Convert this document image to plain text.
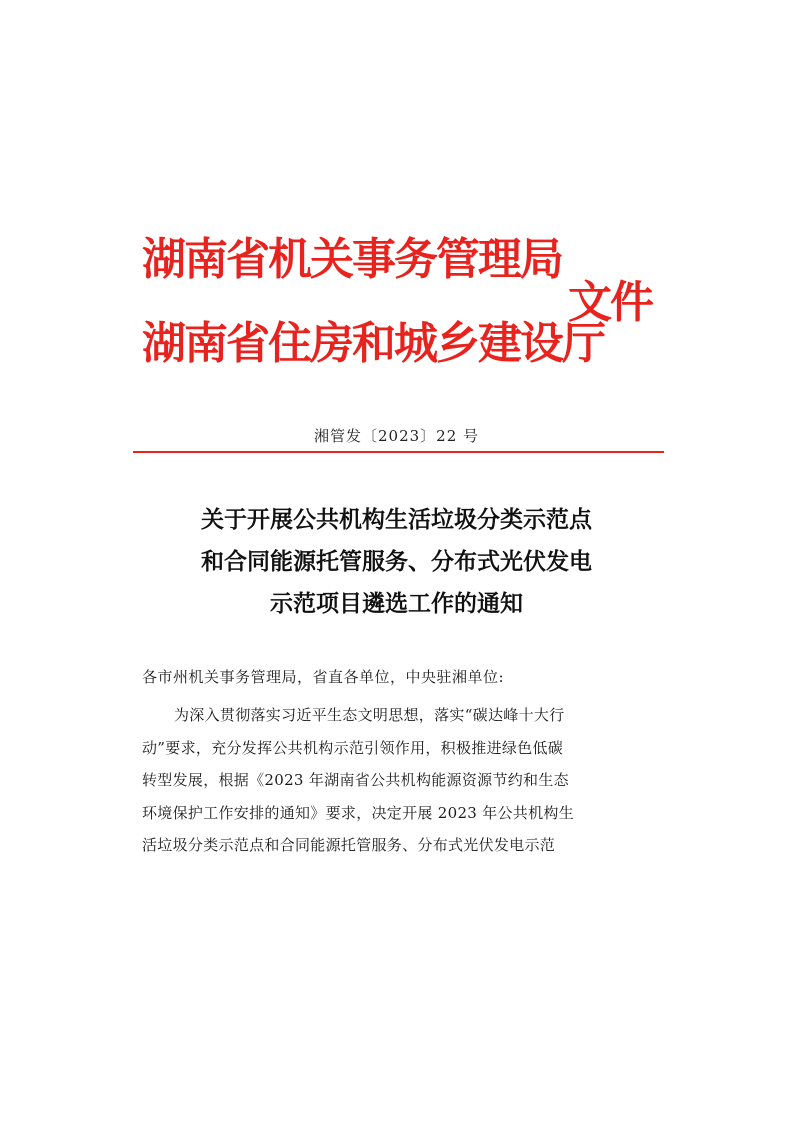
湖南省机关事务管理局
湖南省住房和城乡建设厅
文件
湘管发〔2023〕22 号
关于开展公共机构生活垃圾分类示范点
和合同能源托管服务、分布式光伏发电
示范项目遴选工作的通知
各市州机关事务管理局，省直各单位，中央驻湘单位:
为深入贯彻落实习近平生态文明思想，落实“碳达峰十大行
动”要求，充分发挥公共机构示范引领作用，积极推进绿色低碳
转型发展，根据《2023 年湖南省公共机构能源资源节约和生态
环境保护工作安排的通知》要求，决定开展 2023 年公共机构生
活垃圾分类示范点和合同能源托管服务、分布式光伏发电示范
